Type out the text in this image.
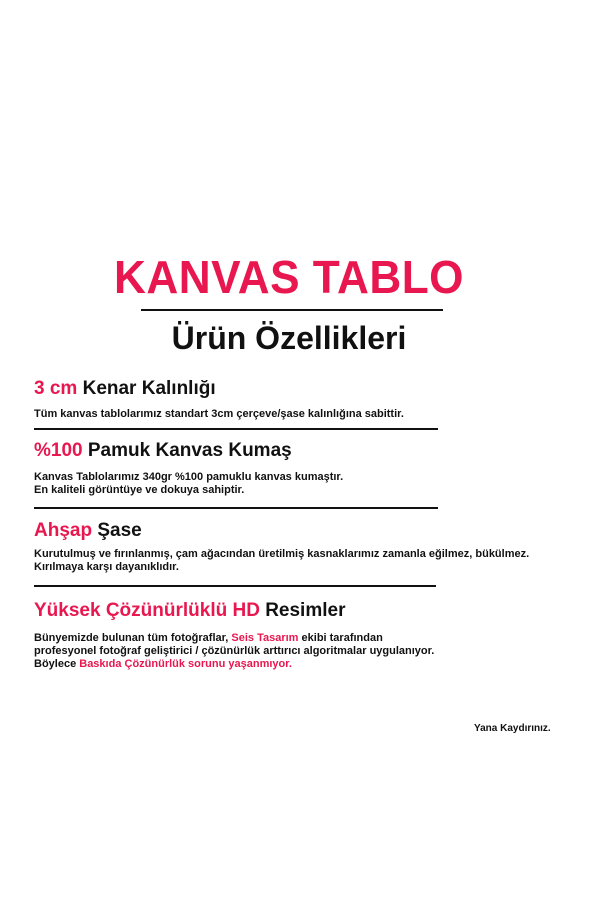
KANVAS TABLO
Ürün Özellikleri
3 cm Kenar Kalınlığı
Tüm kanvas tablolarımız standart 3cm çerçeve/şase kalınlığına sabittir.
%100 Pamuk Kanvas Kumaş
Kanvas Tablolarımız 340gr %100 pamuklu kanvas kumaştır.
En kaliteli görüntüye ve dokuya sahiptir.
Ahşap Şase
Kurutulmuş ve fırınlanmış, çam ağacından üretilmiş kasnaklarımız zamanla eğilmez, bükülmez.
Kırılmaya karşı dayanıklıdır.
Yüksek Çözünürlüklü HD Resimler
Bünyemizde bulunan tüm fotoğraflar, Seis Tasarım ekibi tarafından
profesyonel fotoğraf geliştirici / çözünürlük arttırıcı algoritmalar uygulanıyor.
Böylece Baskıda Çözünürlük sorunu yaşanmıyor.
Yana Kaydırınız.
